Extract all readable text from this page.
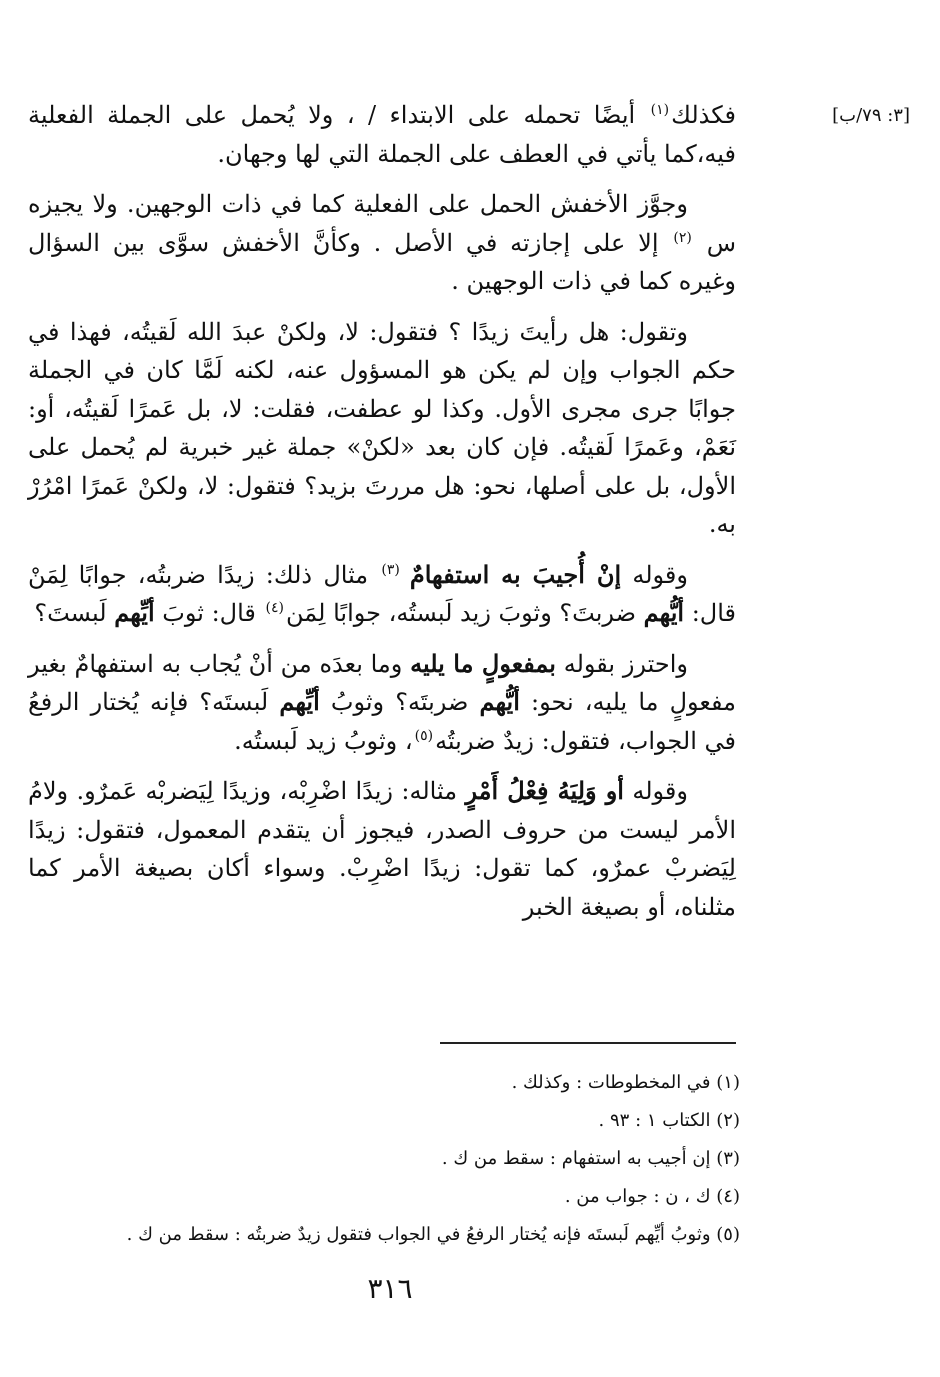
[٣: ٧٩/ب]

فكذلك$^{(١)}$ أيضًا تحمله على الابتداء / ، ولا يُحمل على الجملة الفعلية فيه،كما يأتي في العطف على الجملة التي لها وجهان.

وجوَّز الأخفش الحمل على الفعلية كما في ذات الوجهين. ولا يجيزه س $^{(٢)}$ إلا على إجازته في الأصل . وكأنَّ الأخفش سوَّى بين السؤال وغيره كما في ذات الوجهين .

وتقول: هل رأيتَ زيدًا ؟ فتقول: لا، ولكنْ عبدَ الله لَقيتُه، فهذا في حكم الجواب وإن لم يكن هو المسؤول عنه، لكنه لَمَّا كان في الجملة جوابًا جرى مجرى الأول. وكذا لو عطفت، فقلت: لا، بل عَمرًا لَقيتُه، أو: نَعَمْ، وعَمرًا لَقيتُه. فإن كان بعد «لكنْ» جملة غير خبرية لم يُحمل على الأول، بل على أصلها، نحو: هل مررتَ بزيد؟ فتقول: لا، ولكنْ عَمرًا امْرُرْ به.

وقوله إنْ أُجيبَ به استفهامٌ $^{(٣)}$ مثال ذلك: زيدًا ضربتُه، جوابًا لِمَنْ قال: أيُّهم ضربتَ؟ وثوبَ زيد لَبستُه، جوابًا لِمَن$^{(٤)}$ قال: ثوبَ أيِّهم لَبستَ؟

واحترز بقوله بمفعولٍ ما يليه وما بعدَه من أنْ يُجاب به استفهامٌ بغير مفعولٍ ما يليه، نحو: أيُّهم ضربتَه؟ وثوبُ أيِّهم لَبستَه؟ فإنه يُختار الرفعُ في الجواب، فتقول: زيدٌ ضربتُه$^{(٥)}$، وثوبُ زيد لَبستُه.

وقوله أو وَلِيَهُ فِعْلُ أَمْرٍ مثاله: زيدًا اضْرِبْه، وزيدًا لِيَضربْه عَمرٌو. ولامُ الأمر ليست من حروف الصدر، فيجوز أن يتقدم المعمول، فتقول: زيدًا لِيَضربْ عمرٌو، كما تقول: زيدًا اضْرِبْ. وسواء أكان بصيغة الأمر كما مثلناه، أو بصيغة الخبر

(١) في المخطوطات : وكذلك .

(٢) الكتاب ١ : ٩٣ .

(٣) إن أجيب به استفهام : سقط من ك .

(٤) ك ، ن : جواب من .

(٥) وثوبُ أيِّهم لَبستَه فإنه يُختار الرفعُ في الجواب فتقول زيدٌ ضربتُه : سقط من ك .

٣١٦
